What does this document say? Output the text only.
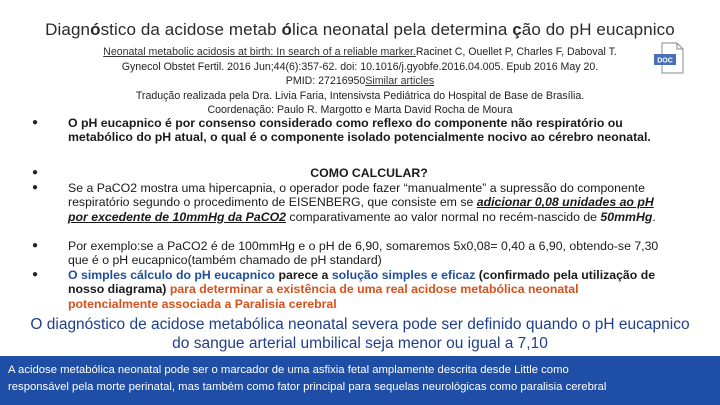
Diagnóstico da acidose metab ólica neonatal pela determina ção do pH eucapnico
Neonatal metabolic acidosis at birth: In search of a reliable marker.Racinet C, Ouellet P, Charles F, Daboval T.
Gynecol Obstet Fertil. 2016 Jun;44(6):357-62. doi: 10.1016/j.gyobfe.2016.04.005. Epub 2016 May 20.
PMID: 27216950Similar articles
Tradução realizada pela Dra. Livia Faria, Intensivsta Pediátrica do Hospital de Base de Brasília.
Coordenação: Paulo R. Margotto e Marta David Rocha de Moura
DOC
● O pH eucapnico é por consenso considerado como reflexo do componente não respiratório ou metabólico do pH atual, o qual é o componente isolado potencialmente nocivo ao cérebro neonatal.
●	COMO CALCULAR?
● Se a PaCO2 mostra uma hipercapnia, o operador pode fazer “manualmente” a supressão do componente respiratório segundo o procedimento de EISENBERG, que consiste em se adicionar 0,08 unidades ao pH por excedente de 10mmHg da PaCO2 comparativamente ao valor normal no recém-nascido de 50mmHg.
● Por exemplo:se a PaCO2 é de 100mmHg e o pH de 6,90, somaremos 5x0,08= 0,40 a 6,90, obtendo-se 7,30 que é o pH eucapnico(também chamado de pH standard)
● O simples cálculo do pH eucapnico parece a solução simples e eficaz (confirmado pela utilização de nosso diagrama) para determinar a existência de uma real acidose metabólica neonatal potencialmente associada a Paralisia cerebral
O diagnóstico de acidose metabólica neonatal severa pode ser definido quando o pH eucapnico do sangue arterial umbilical seja menor ou igual a 7,10
A acidose metabólica neonatal pode ser o marcador de uma asfixia fetal amplamente descrita desde Little como
responsável pela morte perinatal, mas também como fator principal para sequelas neurológicas como paralisia cerebral
